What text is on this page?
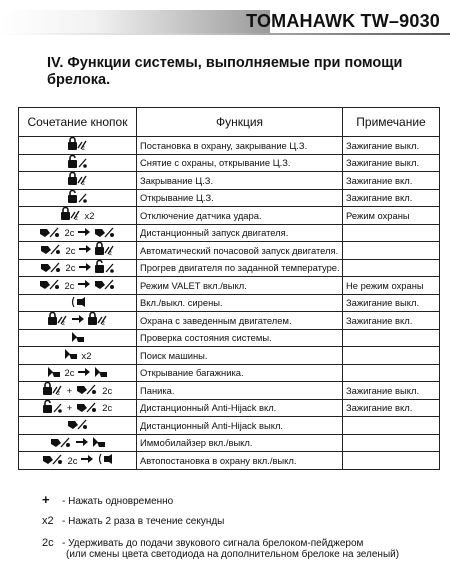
TOMAHAWK TW–9030
IV. Функции системы, выполняемые при помощи брелока.
Сочетание кнопок	Функция	Примечание

z	Постановка в охрану, закрывание Ц.З.	Зажигание выкл.
	Снятие с охраны, открывание Ц.З.	Зажигание выкл.

z	Закрывание Ц.З.	Зажигание вкл.
	Открывание Ц.З.	Зажигание вкл.

z x2	Отключение датчика удара.	Режим охраны
2c	Дистанционный запуск двигателя.	
2c z	Автоматический почасовой запуск двигателя.	
2c	Прогрев двигателя по заданной температуре.	
2c	Режим VALET вкл./выкл.	Не режим охраны
	Вкл./выкл. сирены.	Зажигание выкл.

z z	Охрана с заведенным двигателем.	Зажигание вкл.
	Проверка состояния системы.	
x2	Поиск машины.	
2c	Открывание багажника.	

z + 2c	Паника.	Зажигание выкл.
+ 2c	Дистанционный Anti-Hijack вкл.	Зажигание вкл.
	Дистанционный Anti-Hijack выкл.	
	Иммобилайзер вкл./выкл.	
2c	Автопостановка в охрану вкл./выкл.	
+ - Нажать одновременно
x2 - Нажать 2 раза в течение секунды
2c - Удерживать до подачи звукового сигнала брелоком-пейджером
(или смены цвета светодиода на дополнительном брелоке на зеленый)
